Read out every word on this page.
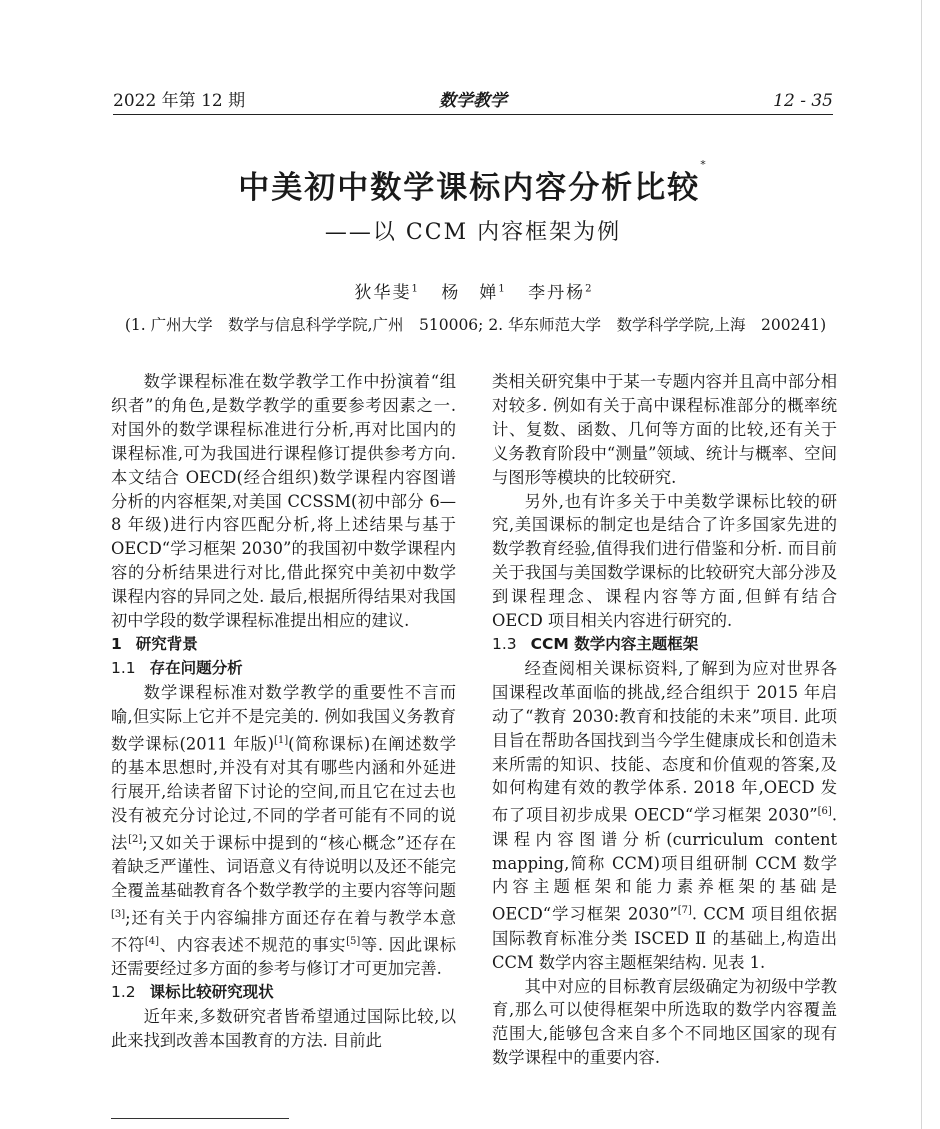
2022 年第 12 期	数学教学	12 - 35
中美初中数学课标内容分析比较*
——以 CCM 内容框架为例
狄华斐$^1$ 杨　婵$^1$ 李丹杨$^2$
(1. 广州大学　数学与信息科学学院,广州　510006; 2. 华东师范大学　数学科学学院,上海　200241)

数学课程标准在数学教学工作中扮演着“组织者”的角色,是数学教学的重要参考因素之一. 对国外的数学课程标准进行分析,再对比国内的课程标准,可为我国进行课程修订提供参考方向. 本文结合 OECD(经合组织)数学课程内容图谱分析的内容框架,对美国 CCSSM(初中部分 6—8 年级)进行内容匹配分析,将上述结果与基于 OECD“学习框架 2030”的我国初中数学课程内容的分析结果进行对比,借此探究中美初中数学课程内容的异同之处. 最后,根据所得结果对我国初中学段的数学课程标准提出相应的建议.

1 研究背景
1.1 存在问题分析

数学课程标准对数学教学的重要性不言而喻,但实际上它并不是完美的. 例如我国义务教育数学课标(2011 年版)[1](简称课标)在阐述数学的基本思想时,并没有对其有哪些内涵和外延进行展开,给读者留下讨论的空间,而且它在过去也没有被充分讨论过,不同的学者可能有不同的说法[2];又如关于课标中提到的“核心概念”还存在着缺乏严谨性、词语意义有待说明以及还不能完全覆盖基础教育各个数学教学的主要内容等问题[3];还有关于内容编排方面还存在着与教学本意不符[4]、内容表述不规范的事实[5]等. 因此课标还需要经过多方面的参考与修订才可更加完善.

1.2 课标比较研究现状

近年来,多数研究者皆希望通过国际比较,以此来找到改善本国教育的方法. 目前此

类相关研究集中于某一专题内容并且高中部分相对较多. 例如有关于高中课程标准部分的概率统计、复数、函数、几何等方面的比较,还有关于义务教育阶段中“测量”领域、统计与概率、空间与图形等模块的比较研究.

另外,也有许多关于中美数学课标比较的研究,美国课标的制定也是结合了许多国家先进的数学教育经验,值得我们进行借鉴和分析. 而目前关于我国与美国数学课标的比较研究大部分涉及到课程理念、课程内容等方面,但鲜有结合 OECD 项目相关内容进行研究的.

1.3 CCM 数学内容主题框架

经查阅相关课标资料,了解到为应对世界各国课程改革面临的挑战,经合组织于 2015 年启动了“教育 2030:教育和技能的未来”项目. 此项目旨在帮助各国找到当今学生健康成长和创造未来所需的知识、技能、态度和价值观的答案,及如何构建有效的教学体系. 2018 年,OECD 发布了项目初步成果 OECD“学习框架 2030”[6]. 课程内容图谱分析(curriculum content mapping,简称 CCM)项目组研制 CCM 数学内容主题框架和能力素养框架的基础是 OECD“学习框架 2030”[7]. CCM 项目组依据国际教育标准分类 ISCED Ⅱ 的基础上,构造出 CCM 数学内容主题框架结构. 见表 1.

其中对应的目标教育层级确定为初级中学教育,那么可以使得框架中所选取的数学内容覆盖范围大,能够包含来自多个不同地区国家的现有数学课程中的重要内容.
